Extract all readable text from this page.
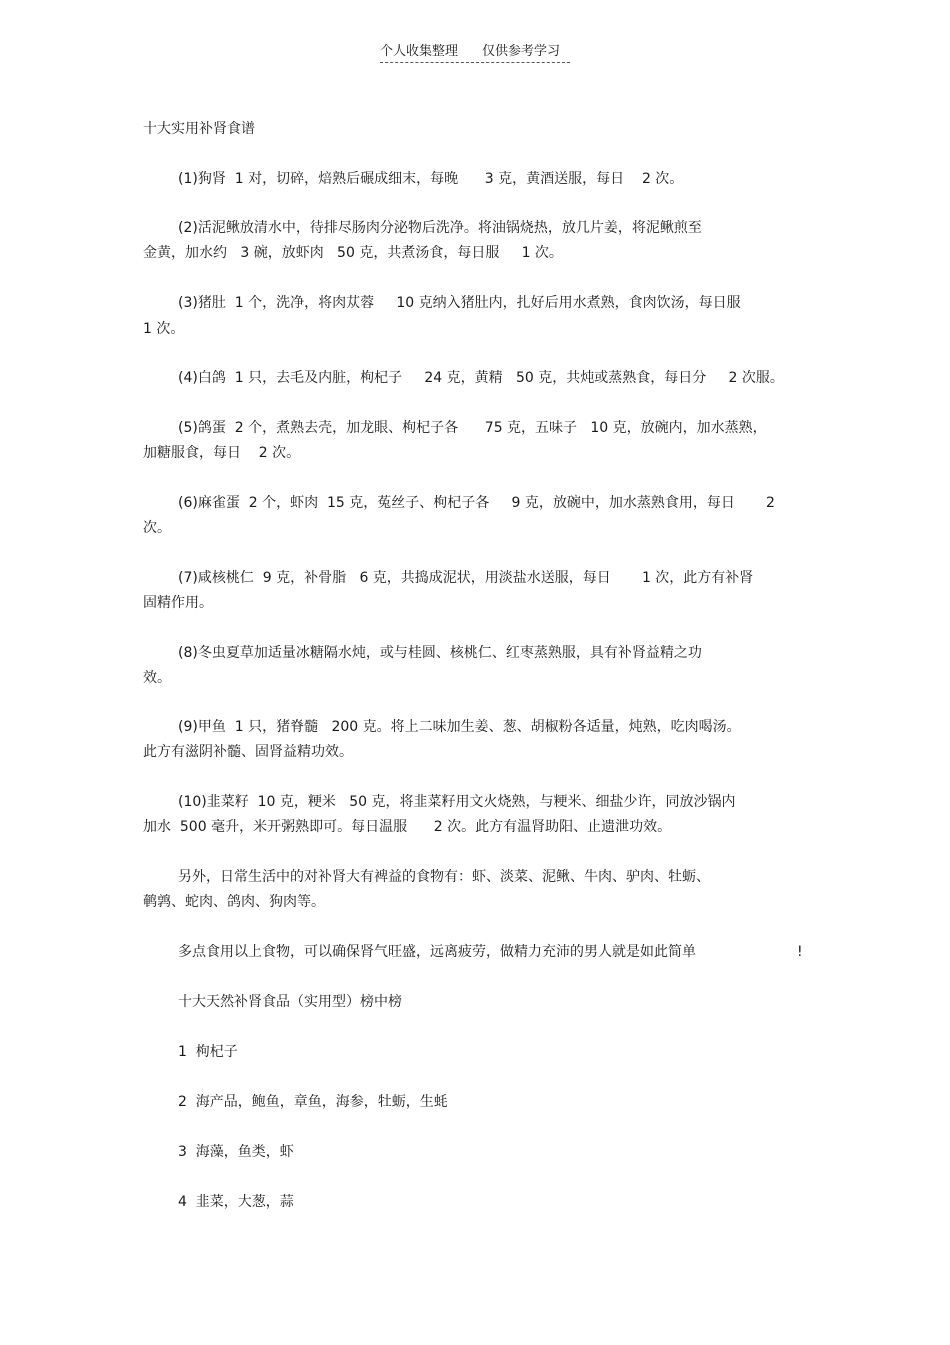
个人收集整理 仅供参考学习
十大实用补肾食谱
(1)狗肾  1 对，切碎，焙熟后碾成细末，每晚      3 克，黄酒送服，每日    2 次。
(2)活泥鳅放清水中，待排尽肠肉分泌物后洗净。将油锅烧热，放几片姜，将泥鳅煎至
金黄，加水约   3 碗，放虾肉   50 克，共煮汤食，每日服     1 次。
(3)猪肚  1 个，洗净，将肉苁蓉     10 克纳入猪肚内，扎好后用水煮熟，食肉饮汤，每日服
1 次。
(4)白鸽  1 只，去毛及内脏，枸杞子     24 克，黄精   50 克，共炖或蒸熟食，每日分     2 次服。
(5)鸽蛋  2 个，煮熟去壳，加龙眼、枸杞子各      75 克，五味子   10 克，放碗内，加水蒸熟，
加糖服食，每日    2 次。
(6)麻雀蛋  2 个，虾肉  15 克，菟丝子、枸杞子各     9 克，放碗中，加水蒸熟食用，每日       2
次。
(7)咸核桃仁  9 克，补骨脂   6 克，共捣成泥状，用淡盐水送服，每日       1 次，此方有补肾
固精作用。
(8)冬虫夏草加适量冰糖隔水炖，或与桂圆、核桃仁、红枣蒸熟服，具有补肾益精之功
效。
(9)甲鱼  1 只，猪脊髓   200 克。将上二味加生姜、葱、胡椒粉各适量，炖熟，吃肉喝汤。
此方有滋阴补髓、固肾益精功效。
(10)韭菜籽  10 克，粳米   50 克，将韭菜籽用文火烧熟，与粳米、细盐少许，同放沙锅内
加水  500 毫升，米开粥熟即可。每日温服      2 次。此方有温肾助阳、止遗泄功效。
另外，日常生活中的对补肾大有裨益的食物有：虾、淡菜、泥鳅、牛肉、驴肉、牡蛎、
鹌鹑、蛇肉、鸽肉、狗肉等。
多点食用以上食物，可以确保肾气旺盛，远离疲劳，做精力充沛的男人就是如此简单	!
十大天然补肾食品（实用型）榜中榜
1  枸杞子
2  海产品，鲍鱼，章鱼，海参，牡蛎，生蚝
3  海藻，鱼类，虾
4  韭菜，大葱，蒜
